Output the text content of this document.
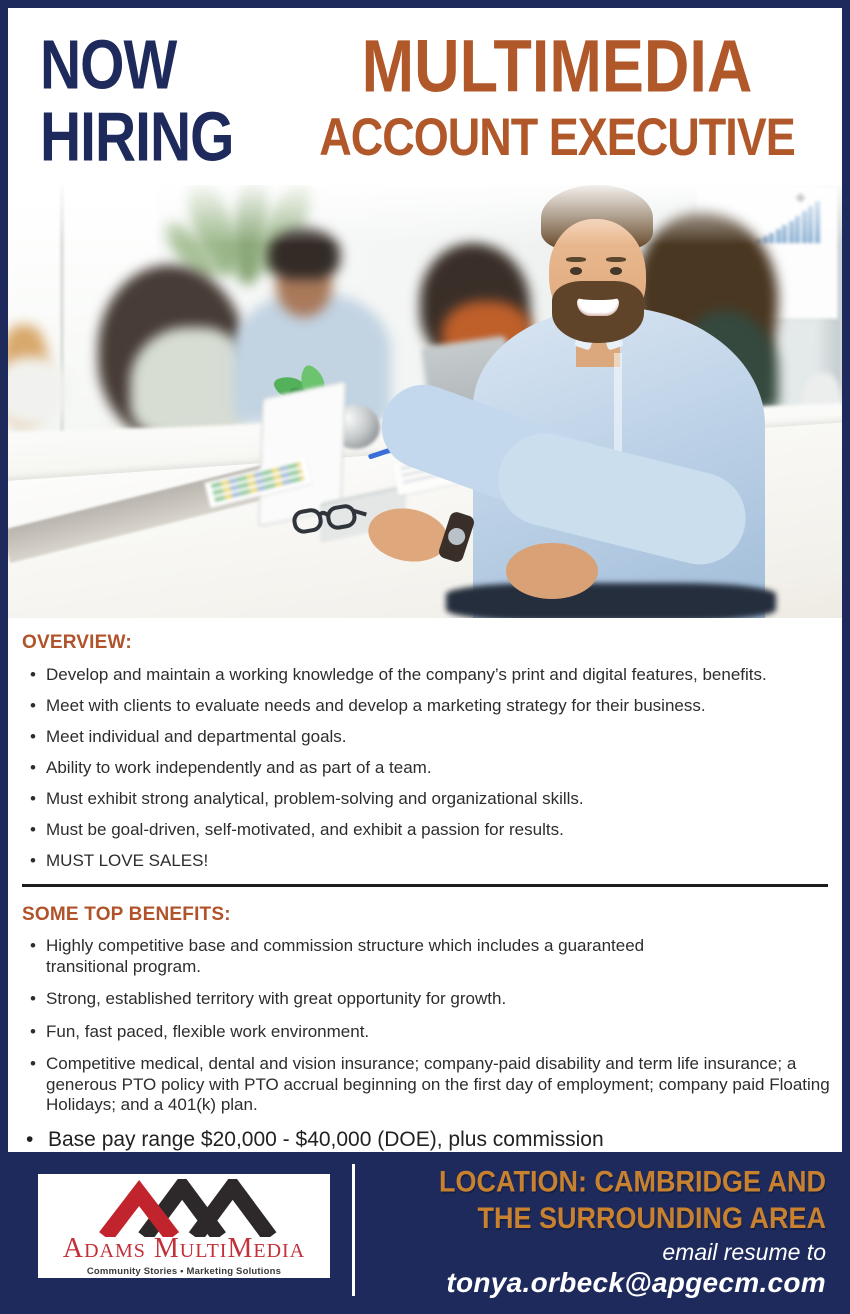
NOW
HIRING
MULTIMEDIA
ACCOUNT EXECUTIVE
OVERVIEW:
• Develop and maintain a working knowledge of the company’s print and digital features, benefits.
• Meet with clients to evaluate needs and develop a marketing strategy for their business.
• Meet individual and departmental goals.
• Ability to work independently and as part of a team.
• Must exhibit strong analytical, problem-solving and organizational skills.
• Must be goal-driven, self-motivated, and exhibit a passion for results.
• MUST LOVE SALES!
SOME TOP BENEFITS:
• Highly competitive base and commission structure which includes a guaranteed transitional program.
• Strong, established territory with great opportunity for growth.
• Fun, fast paced, flexible work environment.
• Competitive medical, dental and vision insurance; company-paid disability and term life insurance; a generous PTO policy with PTO accrual beginning on the first day of employment; company paid Floating Holidays; and a 401(k) plan.
• Base pay range $20,000 - $40,000 (DOE), plus commission
Adams MultiMedia
Community Stories • Marketing Solutions
LOCATION: CAMBRIDGE AND
THE SURROUNDING AREA
email resume to
tonya.orbeck@apgecm.com
